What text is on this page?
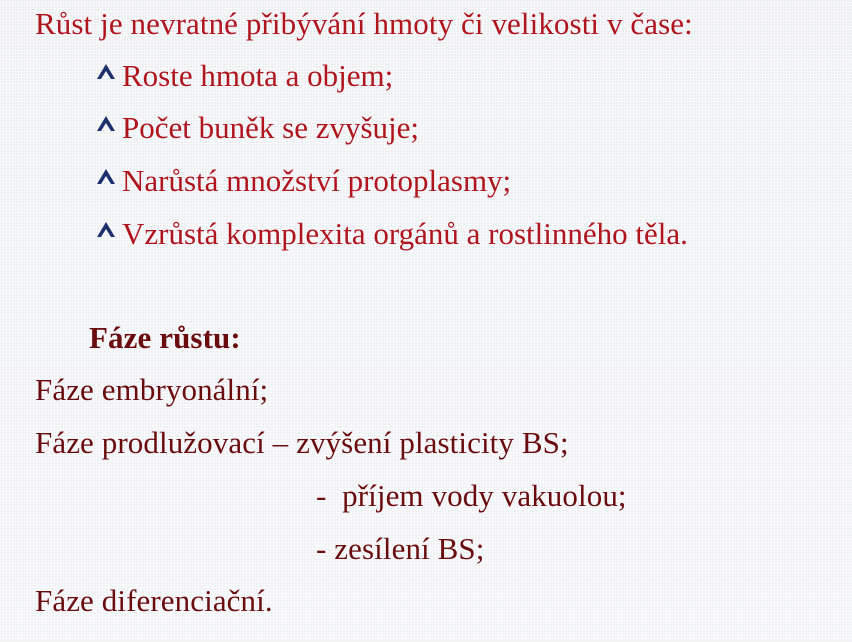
Růst je nevratné přibývání hmoty či velikosti v čase:
Roste hmota a objem;
Počet buněk se zvyšuje;
Narůstá množství protoplasmy;
Vzrůstá komplexita orgánů a rostlinného těla.
Fáze růstu:
Fáze embryonální;
Fáze prodlužovací – zvýšení plasticity BS;
-  příjem vody vakuolou;
- zesílení BS;
Fáze diferenciační.
